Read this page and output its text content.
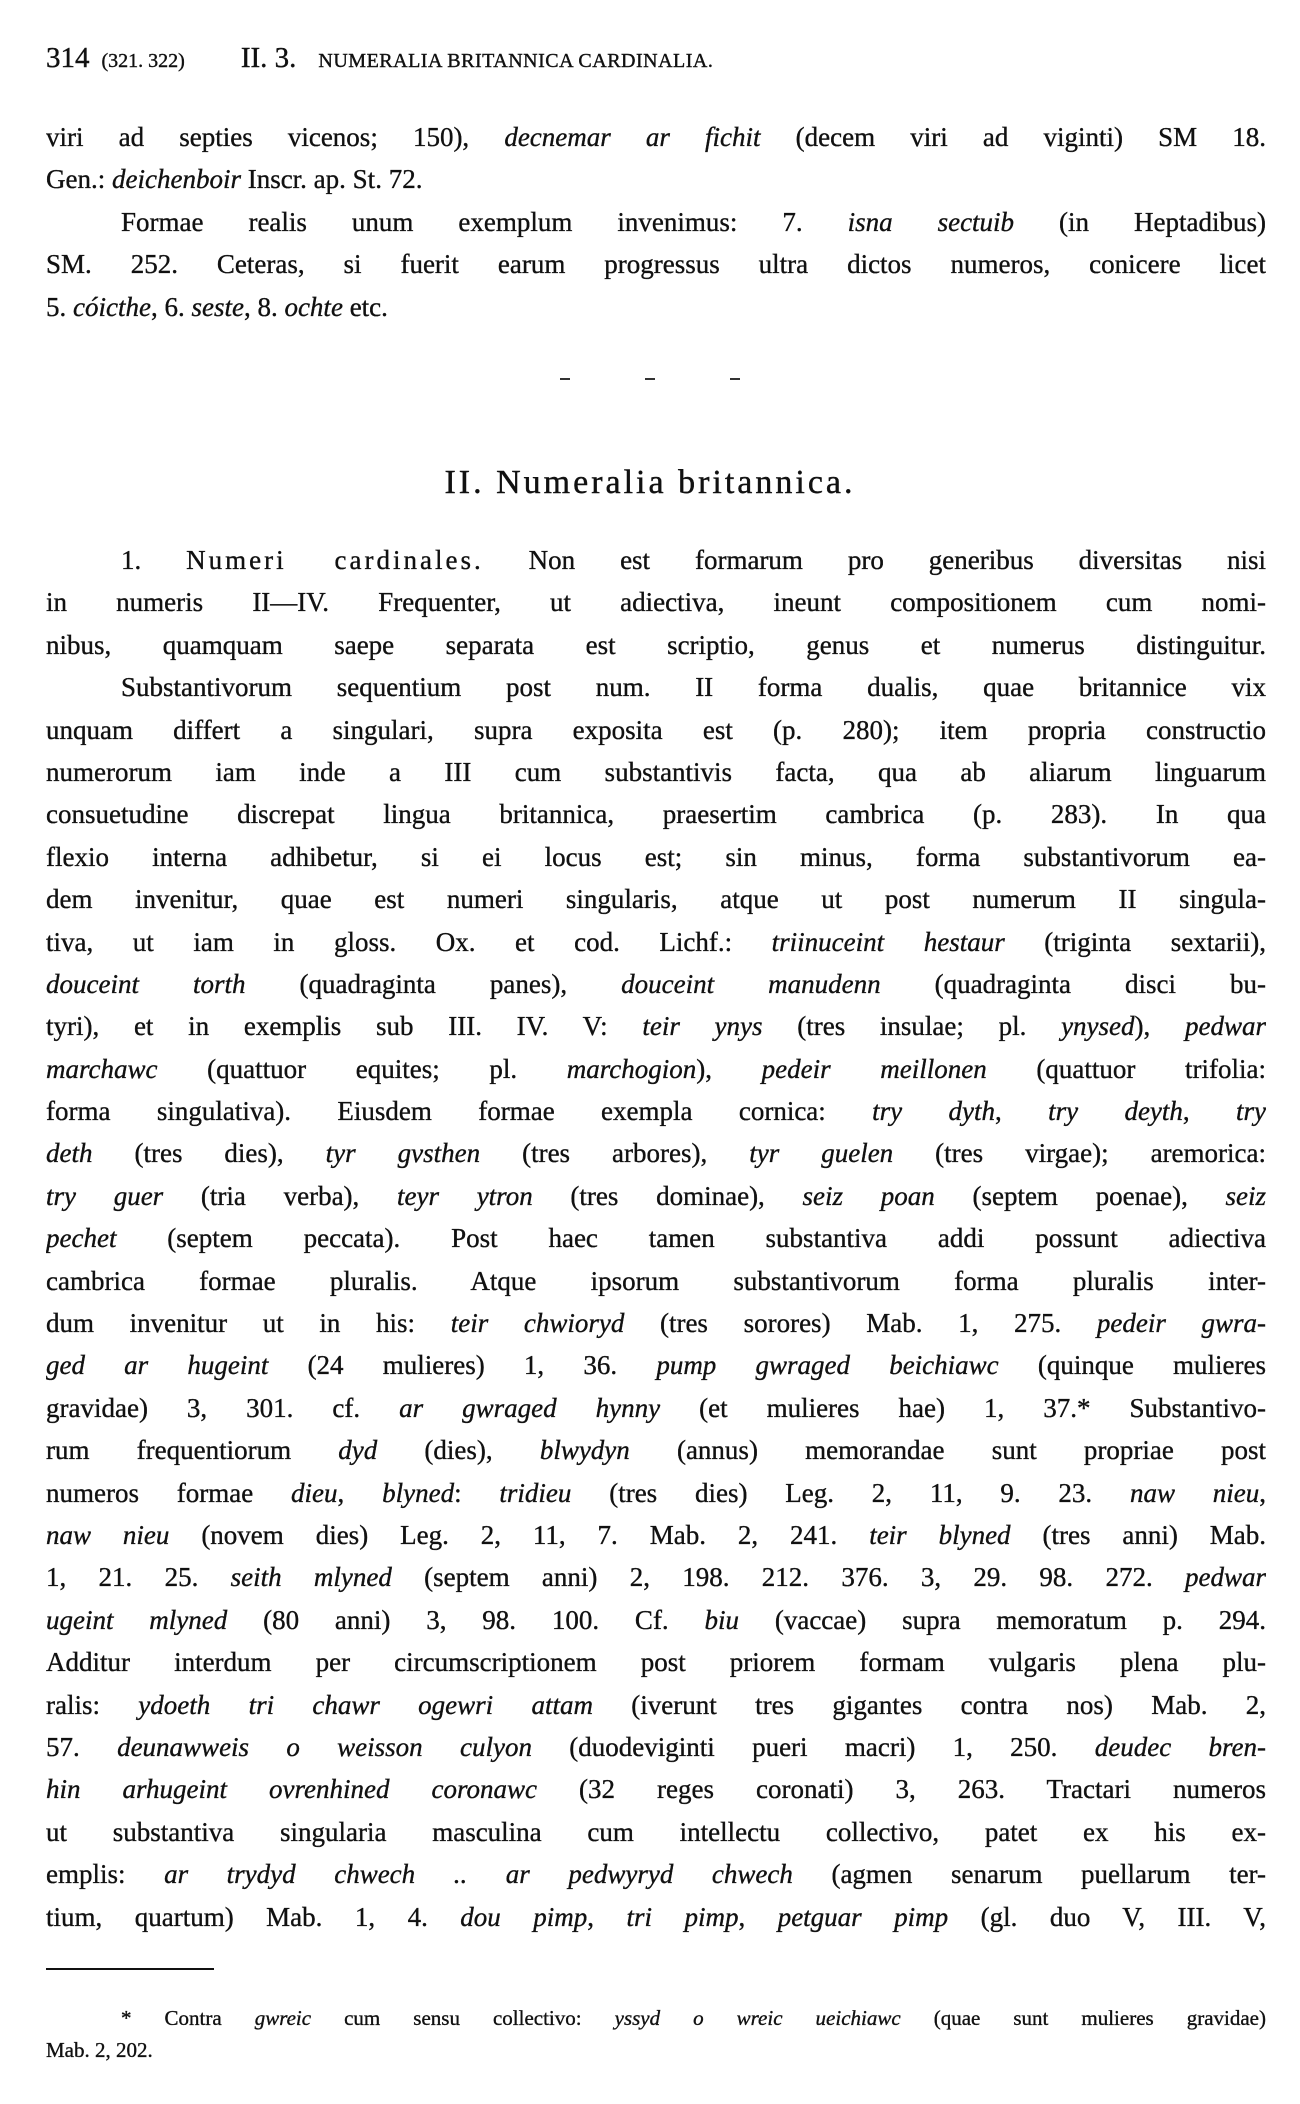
314 (321. 322) II. 3. NUMERALIA BRITANNICA CARDINALIA.
viri ad septies vicenos; 150), decnemar ar fichit (decem viri ad viginti) SM 18.
Gen.: deichenboir Inscr. ap. St. 72.
Formae realis unum exemplum invenimus: 7. isna sectuib (in Heptadibus)
SM. 252. Ceteras, si fuerit earum progressus ultra dictos numeros, conicere licet
5. cóicthe, 6. seste, 8. ochte etc.
II. Numeralia britannica.
1. Numeri cardinales. Non est formarum pro generibus diversitas nisi
in numeris II—IV. Frequenter, ut adiectiva, ineunt compositionem cum nomi-
nibus, quamquam saepe separata est scriptio, genus et numerus distinguitur.
Substantivorum sequentium post num. II forma dualis, quae britannice vix
unquam differt a singulari, supra exposita est (p. 280); item propria constructio
numerorum iam inde a III cum substantivis facta, qua ab aliarum linguarum
consuetudine discrepat lingua britannica, praesertim cambrica (p. 283). In qua
flexio interna adhibetur, si ei locus est; sin minus, forma substantivorum ea-
dem invenitur, quae est numeri singularis, atque ut post numerum II singula-
tiva, ut iam in gloss. Ox. et cod. Lichf.: triinuceint hestaur (triginta sextarii),
douceint torth (quadraginta panes), douceint manudenn (quadraginta disci bu-
tyri), et in exemplis sub III. IV. V: teir ynys (tres insulae; pl. ynysed), pedwar
marchawc (quattuor equites; pl. marchogion), pedeir meillonen (quattuor trifolia:
forma singulativa). Eiusdem formae exempla cornica: try dyth, try deyth, try
deth (tres dies), tyr gvsthen (tres arbores), tyr guelen (tres virgae); aremorica:
try guer (tria verba), teyr ytron (tres dominae), seiz poan (septem poenae), seiz
pechet (septem peccata). Post haec tamen substantiva addi possunt adiectiva
cambrica formae pluralis. Atque ipsorum substantivorum forma pluralis inter-
dum invenitur ut in his: teir chwioryd (tres sorores) Mab. 1, 275. pedeir gwra-
ged ar hugeint (24 mulieres) 1, 36. pump gwraged beichiawc (quinque mulieres
gravidae) 3, 301. cf. ar gwraged hynny (et mulieres hae) 1, 37.* Substantivo-
rum frequentiorum dyd (dies), blwydyn (annus) memorandae sunt propriae post
numeros formae dieu, blyned: tridieu (tres dies) Leg. 2, 11, 9. 23. naw nieu,
naw nieu (novem dies) Leg. 2, 11, 7. Mab. 2, 241. teir blyned (tres anni) Mab.
1, 21. 25. seith mlyned (septem anni) 2, 198. 212. 376. 3, 29. 98. 272. pedwar
ugeint mlyned (80 anni) 3, 98. 100. Cf. biu (vaccae) supra memoratum p. 294.
Additur interdum per circumscriptionem post priorem formam vulgaris plena plu-
ralis: ydoeth tri chawr ogewri attam (iverunt tres gigantes contra nos) Mab. 2,
57. deunawweis o weisson culyon (duodeviginti pueri macri) 1, 250. deudec bren-
hin arhugeint ovrenhined coronawc (32 reges coronati) 3, 263. Tractari numeros
ut substantiva singularia masculina cum intellectu collectivo, patet ex his ex-
emplis: ar trydyd chwech .. ar pedwyryd chwech (agmen senarum puellarum ter-
tium, quartum) Mab. 1, 4. dou pimp, tri pimp, petguar pimp (gl. duo V, III. V,
* Contra gwreic cum sensu collectivo: yssyd o wreic ueichiawc (quae sunt mulieres gravidae)
Mab. 2, 202.
